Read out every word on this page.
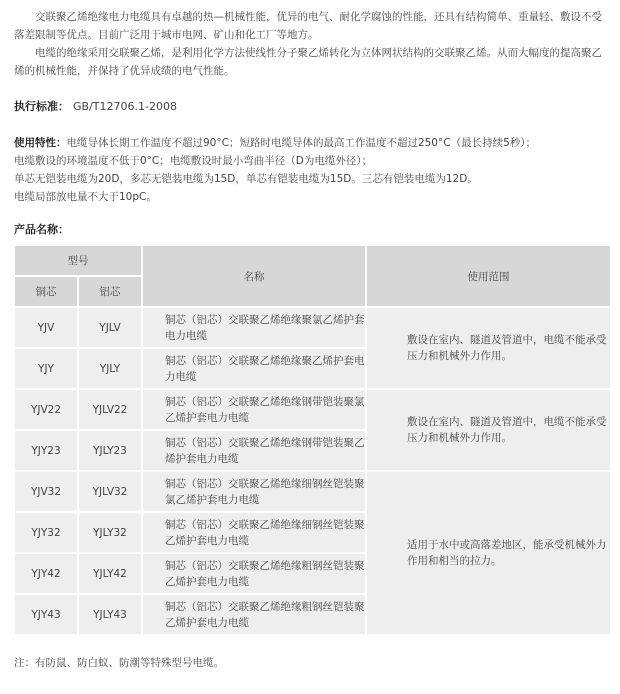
交联聚乙烯绝缘电力电缆具有卓越的热—机械性能，优异的电气、耐化学腐蚀的性能，还具有结构简单、重量轻、敷设不受落差限制等优点。目前广泛用于城市电网、矿山和化工厂等地方。

电缆的绝缘采用交联聚乙烯，是利用化学方法使线性分子聚乙烯转化为立体网状结构的交联聚乙烯。从而大幅度的提高聚乙烯的机械性能，并保持了优异成绩的电气性能。

执行标准： GB/T12706.1-2008
使用特性：电缆导体长期工作温度不超过90°C；短路时电缆导体的最高工作温度不超过250°C（最长持续5秒）；
电缆敷设的环境温度不低于0°C；电缆敷设时最小弯曲半径（D为电缆外径）；
单芯无铠装电缆为20D，多芯无铠装电缆为15D，单芯有铠装电缆为15D。三芯有铠装电缆为12D。
电缆局部放电量不大于10pC。
产品名称：
型号		名称	使用范围
铜芯	铝芯		
YJV	YJLV	铜芯（铝芯）交联聚乙烯绝缘聚氯乙烯护套电力电缆	敷设在室内、隧道及管道中，电缆不能承受压力和机械外力作用。
YJY	YJLY	铜芯（铝芯）交联聚乙烯绝缘聚乙烯护套电力电缆	
YJV22	YJLV22	铜芯（铝芯）交联聚乙烯绝缘钢带铠装聚氯乙烯护套电力电缆	敷设在室内、隧道及管道中，电缆不能承受压力和机械外力作用。
YJY23	YJLY23	铜芯（铝芯）交联聚乙烯绝缘钢带铠装聚乙烯护套电力电缆	
YJV32	YJLV32	铜芯（铝芯）交联聚乙烯绝缘细钢丝铠装聚氯乙烯护套电力电缆	适用于水中或高落差地区，能承受机械外力作用和相当的拉力。
YJY32	YJLY32	铜芯（铝芯）交联聚乙烯绝缘细钢丝铠装聚乙烯护套电力电缆	
YJY42	YJLY42	铜芯（铝芯）交联聚乙烯绝缘粗钢丝铠装聚乙烯护套电力电缆	
YJY43	YJLY43	铜芯（铝芯）交联聚乙烯绝缘粗钢丝铠装聚乙烯护套电力电缆	
注：有防鼠、防白蚁、防潮等特殊型号电缆。
